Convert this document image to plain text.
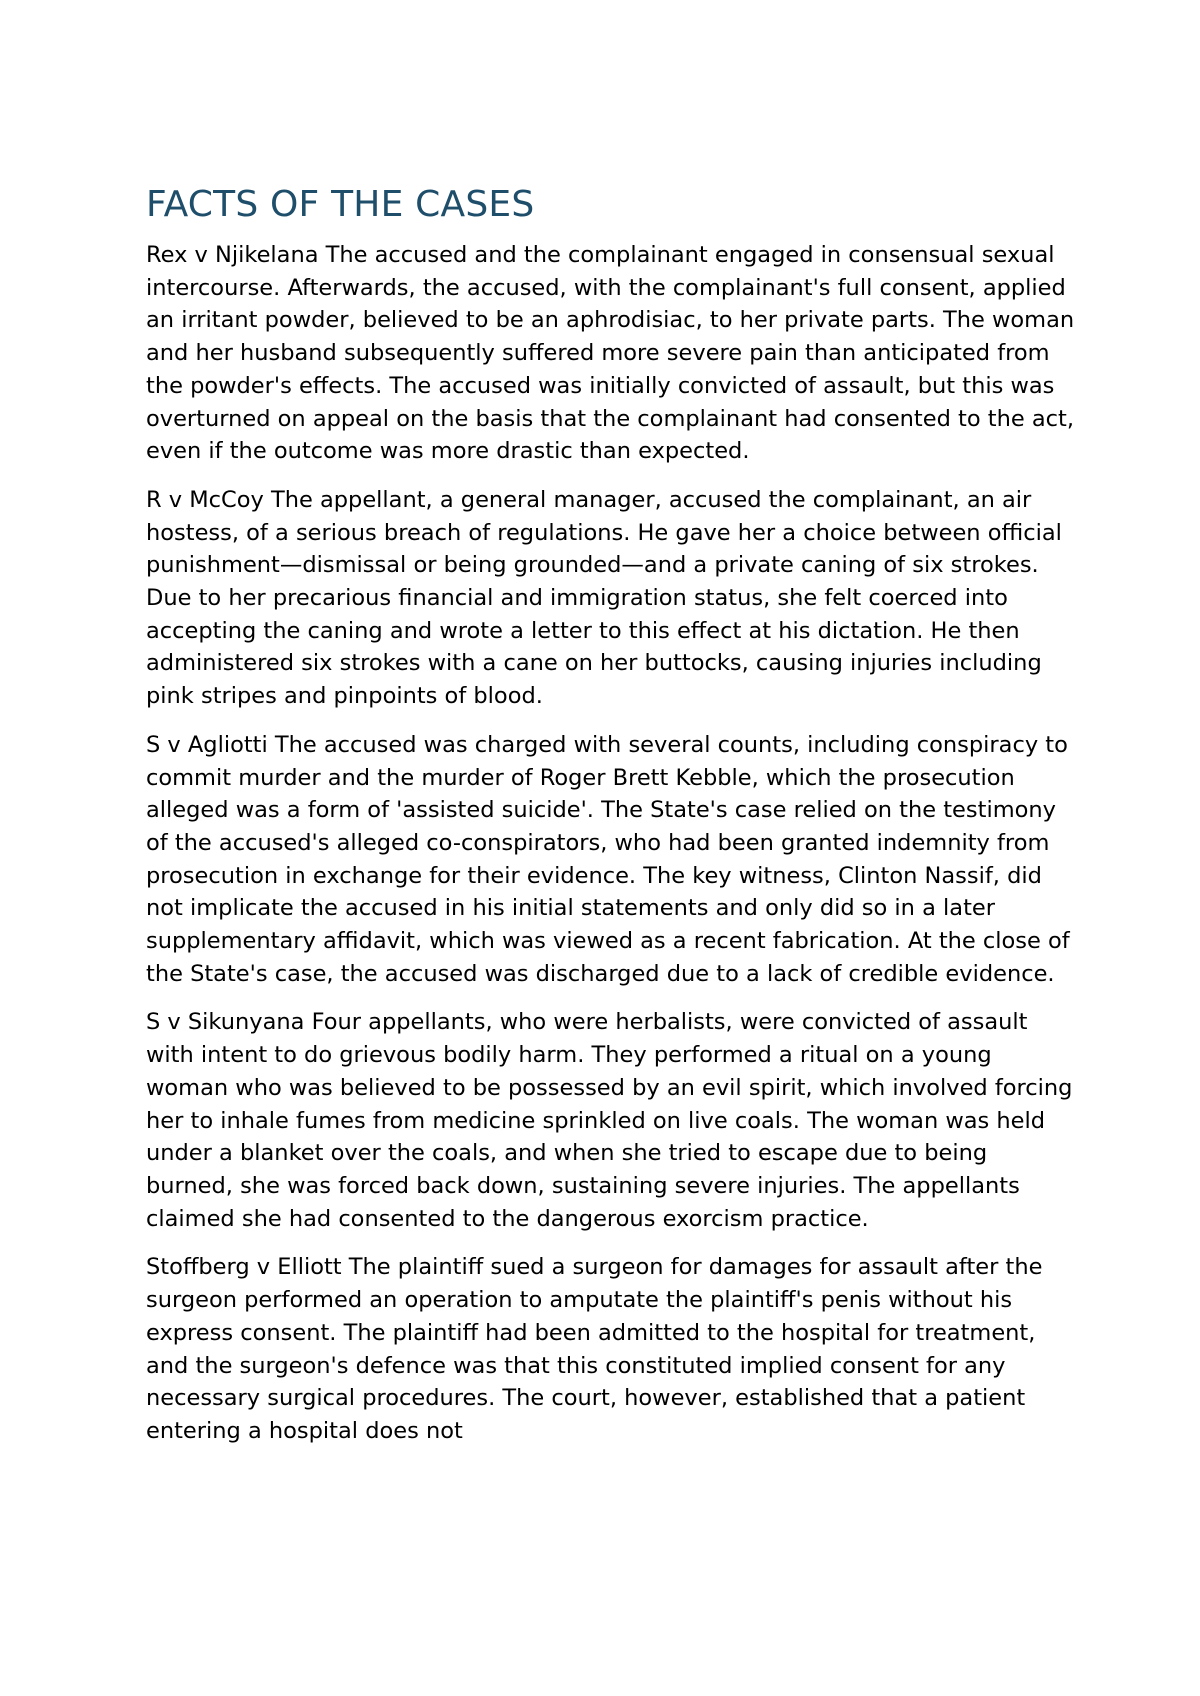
FACTS OF THE CASES

Rex v Njikelana The accused and the complainant engaged in consensual sexual intercourse. Afterwards, the accused, with the complainant's full consent, applied an irritant powder, believed to be an aphrodisiac, to her private parts. The woman and her husband subsequently suffered more severe pain than anticipated from the powder's effects. The accused was initially convicted of assault, but this was overturned on appeal on the basis that the complainant had consented to the act, even if the outcome was more drastic than expected.

R v McCoy The appellant, a general manager, accused the complainant, an air hostess, of a serious breach of regulations. He gave her a choice between official punishment—dismissal or being grounded—and a private caning of six strokes. Due to her precarious financial and immigration status, she felt coerced into accepting the caning and wrote a letter to this effect at his dictation. He then administered six strokes with a cane on her buttocks, causing injuries including pink stripes and pinpoints of blood.

S v Agliotti The accused was charged with several counts, including conspiracy to commit murder and the murder of Roger Brett Kebble, which the prosecution alleged was a form of 'assisted suicide'. The State's case relied on the testimony of the accused's alleged co-conspirators, who had been granted indemnity from prosecution in exchange for their evidence. The key witness, Clinton Nassif, did not implicate the accused in his initial statements and only did so in a later supplementary affidavit, which was viewed as a recent fabrication. At the close of the State's case, the accused was discharged due to a lack of credible evidence.

S v Sikunyana Four appellants, who were herbalists, were convicted of assault with intent to do grievous bodily harm. They performed a ritual on a young woman who was believed to be possessed by an evil spirit, which involved forcing her to inhale fumes from medicine sprinkled on live coals. The woman was held under a blanket over the coals, and when she tried to escape due to being burned, she was forced back down, sustaining severe injuries. The appellants claimed she had consented to the dangerous exorcism practice.

Stoffberg v Elliott The plaintiff sued a surgeon for damages for assault after the surgeon performed an operation to amputate the plaintiff's penis without his express consent. The plaintiff had been admitted to the hospital for treatment, and the surgeon's defence was that this constituted implied consent for any necessary surgical procedures. The court, however, established that a patient entering a hospital does not
